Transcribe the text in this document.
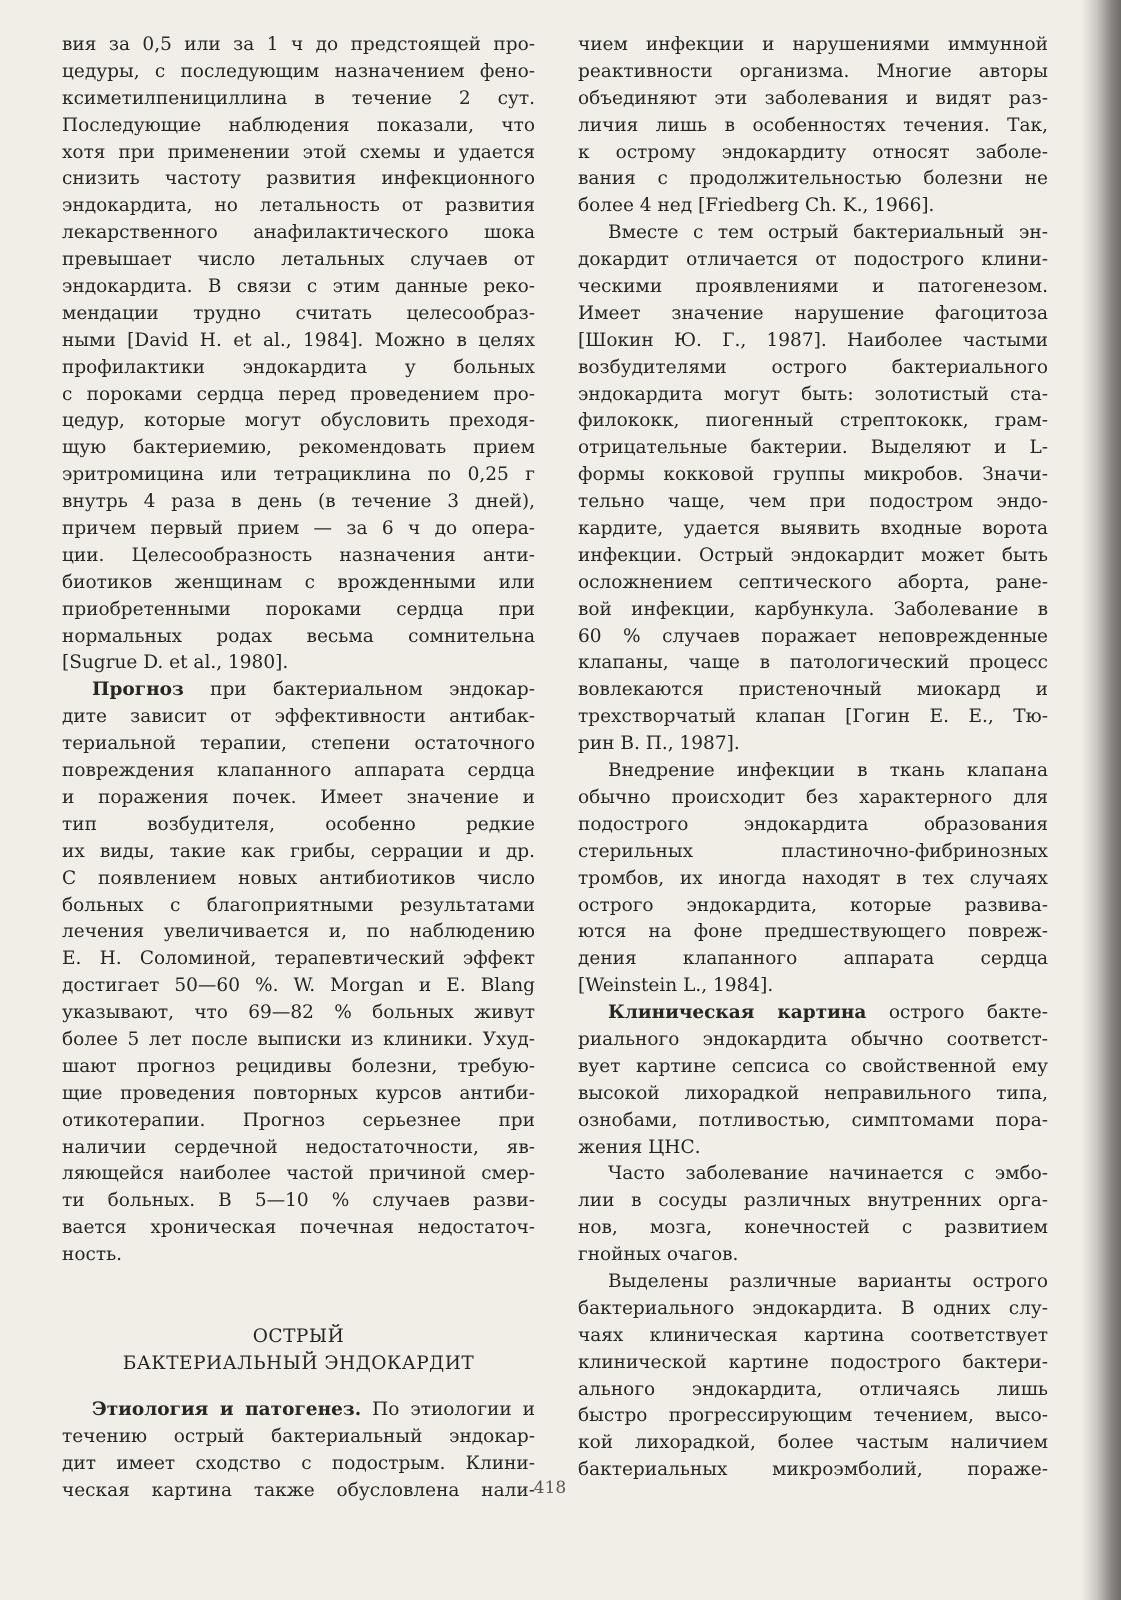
вия за 0,5 или за 1 ч до предстоящей про-
цедуры, с последующим назначением фено-
ксиметилпенициллина в течение 2 сут.
Последующие наблюдения показали, что
хотя при применении этой схемы и удается
снизить частоту развития инфекционного
эндокардита, но летальность от развития
лекарственного анафилактического шока
превышает число летальных случаев от
эндокардита. В связи с этим данные реко-
мендации трудно считать целесообраз-
ными [David H. et al., 1984]. Можно в целях
профилактики эндокардита у больных
с пороками сердца перед проведением про-
цедур, которые могут обусловить преходя-
щую бактериемию, рекомендовать прием
эритромицина или тетрациклина по 0,25 г
внутрь 4 раза в день (в течение 3 дней),
причем первый прием — за 6 ч до опера-
ции. Целесообразность назначения анти-
биотиков женщинам с врожденными или
приобретенными пороками сердца при
нормальных родах весьма сомнительна
[Sugrue D. et al., 1980].
Прогноз при бактериальном эндокар-
дите зависит от эффективности антибак-
териальной терапии, степени остаточного
повреждения клапанного аппарата сердца
и поражения почек. Имеет значение и
тип возбудителя, особенно редкие
их виды, такие как грибы, серрации и др.
С появлением новых антибиотиков число
больных с благоприятными результатами
лечения увеличивается и, по наблюдению
Е. Н. Соломиной, терапевтический эффект
достигает 50—60 %. W. Morgan и E. Blang
указывают, что 69—82 % больных живут
более 5 лет после выписки из клиники. Ухуд-
шают прогноз рецидивы болезни, требую-
щие проведения повторных курсов антиби-
отикотерапии. Прогноз серьезнее при
наличии сердечной недостаточности, яв-
ляющейся наиболее частой причиной смер-
ти больных. В 5—10 % случаев разви-
вается хроническая почечная недостаточ-
ность.
ОСТРЫЙ
БАКТЕРИАЛЬНЫЙ ЭНДОКАРДИТ
Этиология и патогенез. По этиологии и
течению острый бактериальный эндокар-
дит имеет сходство с подострым. Клини-
ческая картина также обусловлена нали-
чием инфекции и нарушениями иммунной
реактивности организма. Многие авторы
объединяют эти заболевания и видят раз-
личия лишь в особенностях течения. Так,
к острому эндокардиту относят заболе-
вания с продолжительностью болезни не
более 4 нед [Friedberg Ch. K., 1966].
Вместе с тем острый бактериальный эн-
докардит отличается от подострого клини-
ческими проявлениями и патогенезом.
Имеет значение нарушение фагоцитоза
[Шокин Ю. Г., 1987]. Наиболее частыми
возбудителями острого бактериального
эндокардита могут быть: золотистый ста-
филококк, пиогенный стрептококк, грам-
отрицательные бактерии. Выделяют и L-
формы кокковой группы микробов. Значи-
тельно чаще, чем при подостром эндо-
кардите, удается выявить входные ворота
инфекции. Острый эндокардит может быть
осложнением септического аборта, ране-
вой инфекции, карбункула. Заболевание в
60 % случаев поражает неповрежденные
клапаны, чаще в патологический процесс
вовлекаются пристеночный миокард и
трехстворчатый клапан [Гогин Е. Е., Тю-
рин В. П., 1987].
Внедрение инфекции в ткань клапана
обычно происходит без характерного для
подострого эндокардита образования
стерильных пластиночно-фибринозных
тромбов, их иногда находят в тех случаях
острого эндокардита, которые развива-
ются на фоне предшествующего повреж-
дения клапанного аппарата сердца
[Weinstein L., 1984].
Клиническая картина острого бакте-
риального эндокардита обычно соответст-
вует картине сепсиса со свойственной ему
высокой лихорадкой неправильного типа,
ознобами, потливостью, симптомами пора-
жения ЦНС.
Часто заболевание начинается с эмбо-
лии в сосуды различных внутренних орга-
нов, мозга, конечностей с развитием
гнойных очагов.
Выделены различные варианты острого
бактериального эндокардита. В одних слу-
чаях клиническая картина соответствует
клинической картине подострого бактери-
ального эндокардита, отличаясь лишь
быстро прогрессирующим течением, высо-
кой лихорадкой, более частым наличием
бактериальных микроэмболий, пораже-
418
